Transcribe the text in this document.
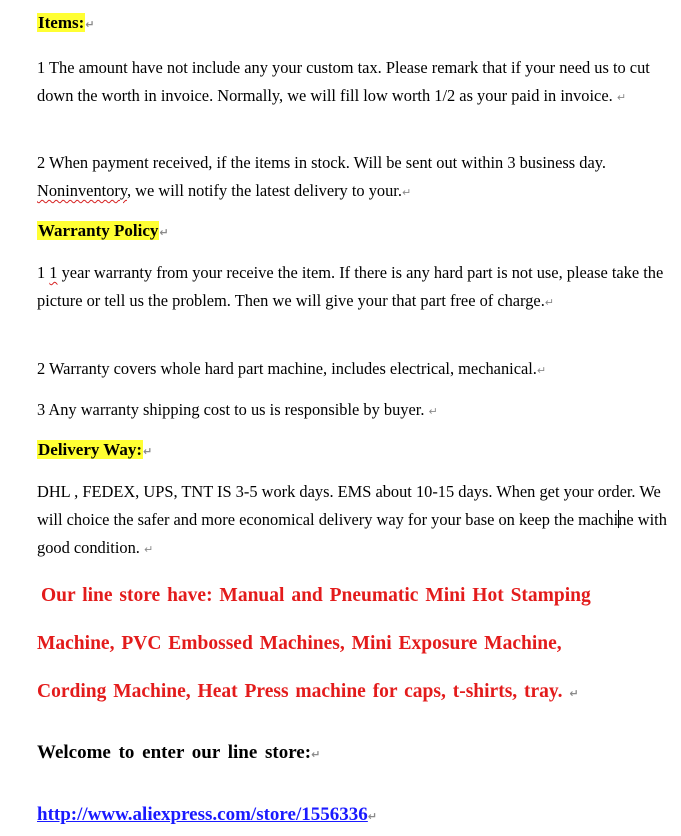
Items:↵
1 The amount have not include any your custom tax. Please remark that if your need us to cut down the worth in invoice. Normally, we will fill low worth 1/2 as your paid in invoice. ↵
2 When payment received, if the items in stock. Will be sent out within 3 business day. Noninventory, we will notify the latest delivery to your.↵
Warranty Policy↵
1 1 year warranty from your receive the item. If there is any hard part is not use, please take the picture or tell us the problem. Then we will give your that part free of charge.↵
2 Warranty covers whole hard part machine, includes electrical, mechanical.↵
3 Any warranty shipping cost to us is responsible by buyer. ↵
Delivery Way:↵
DHL , FEDEX, UPS, TNT IS 3-5 work days. EMS about 10-15 days. When get your order. We will choice the safer and more economical delivery way for your base on keep the machine with good condition. ↵
Our line store have: Manual and Pneumatic Mini Hot Stamping
Machine, PVC Embossed Machines, Mini Exposure Machine,
Cording Machine, Heat Press machine for caps, t-shirts, tray. ↵
Welcome to enter our line store:↵
http://www.aliexpress.com/store/1556336↵
